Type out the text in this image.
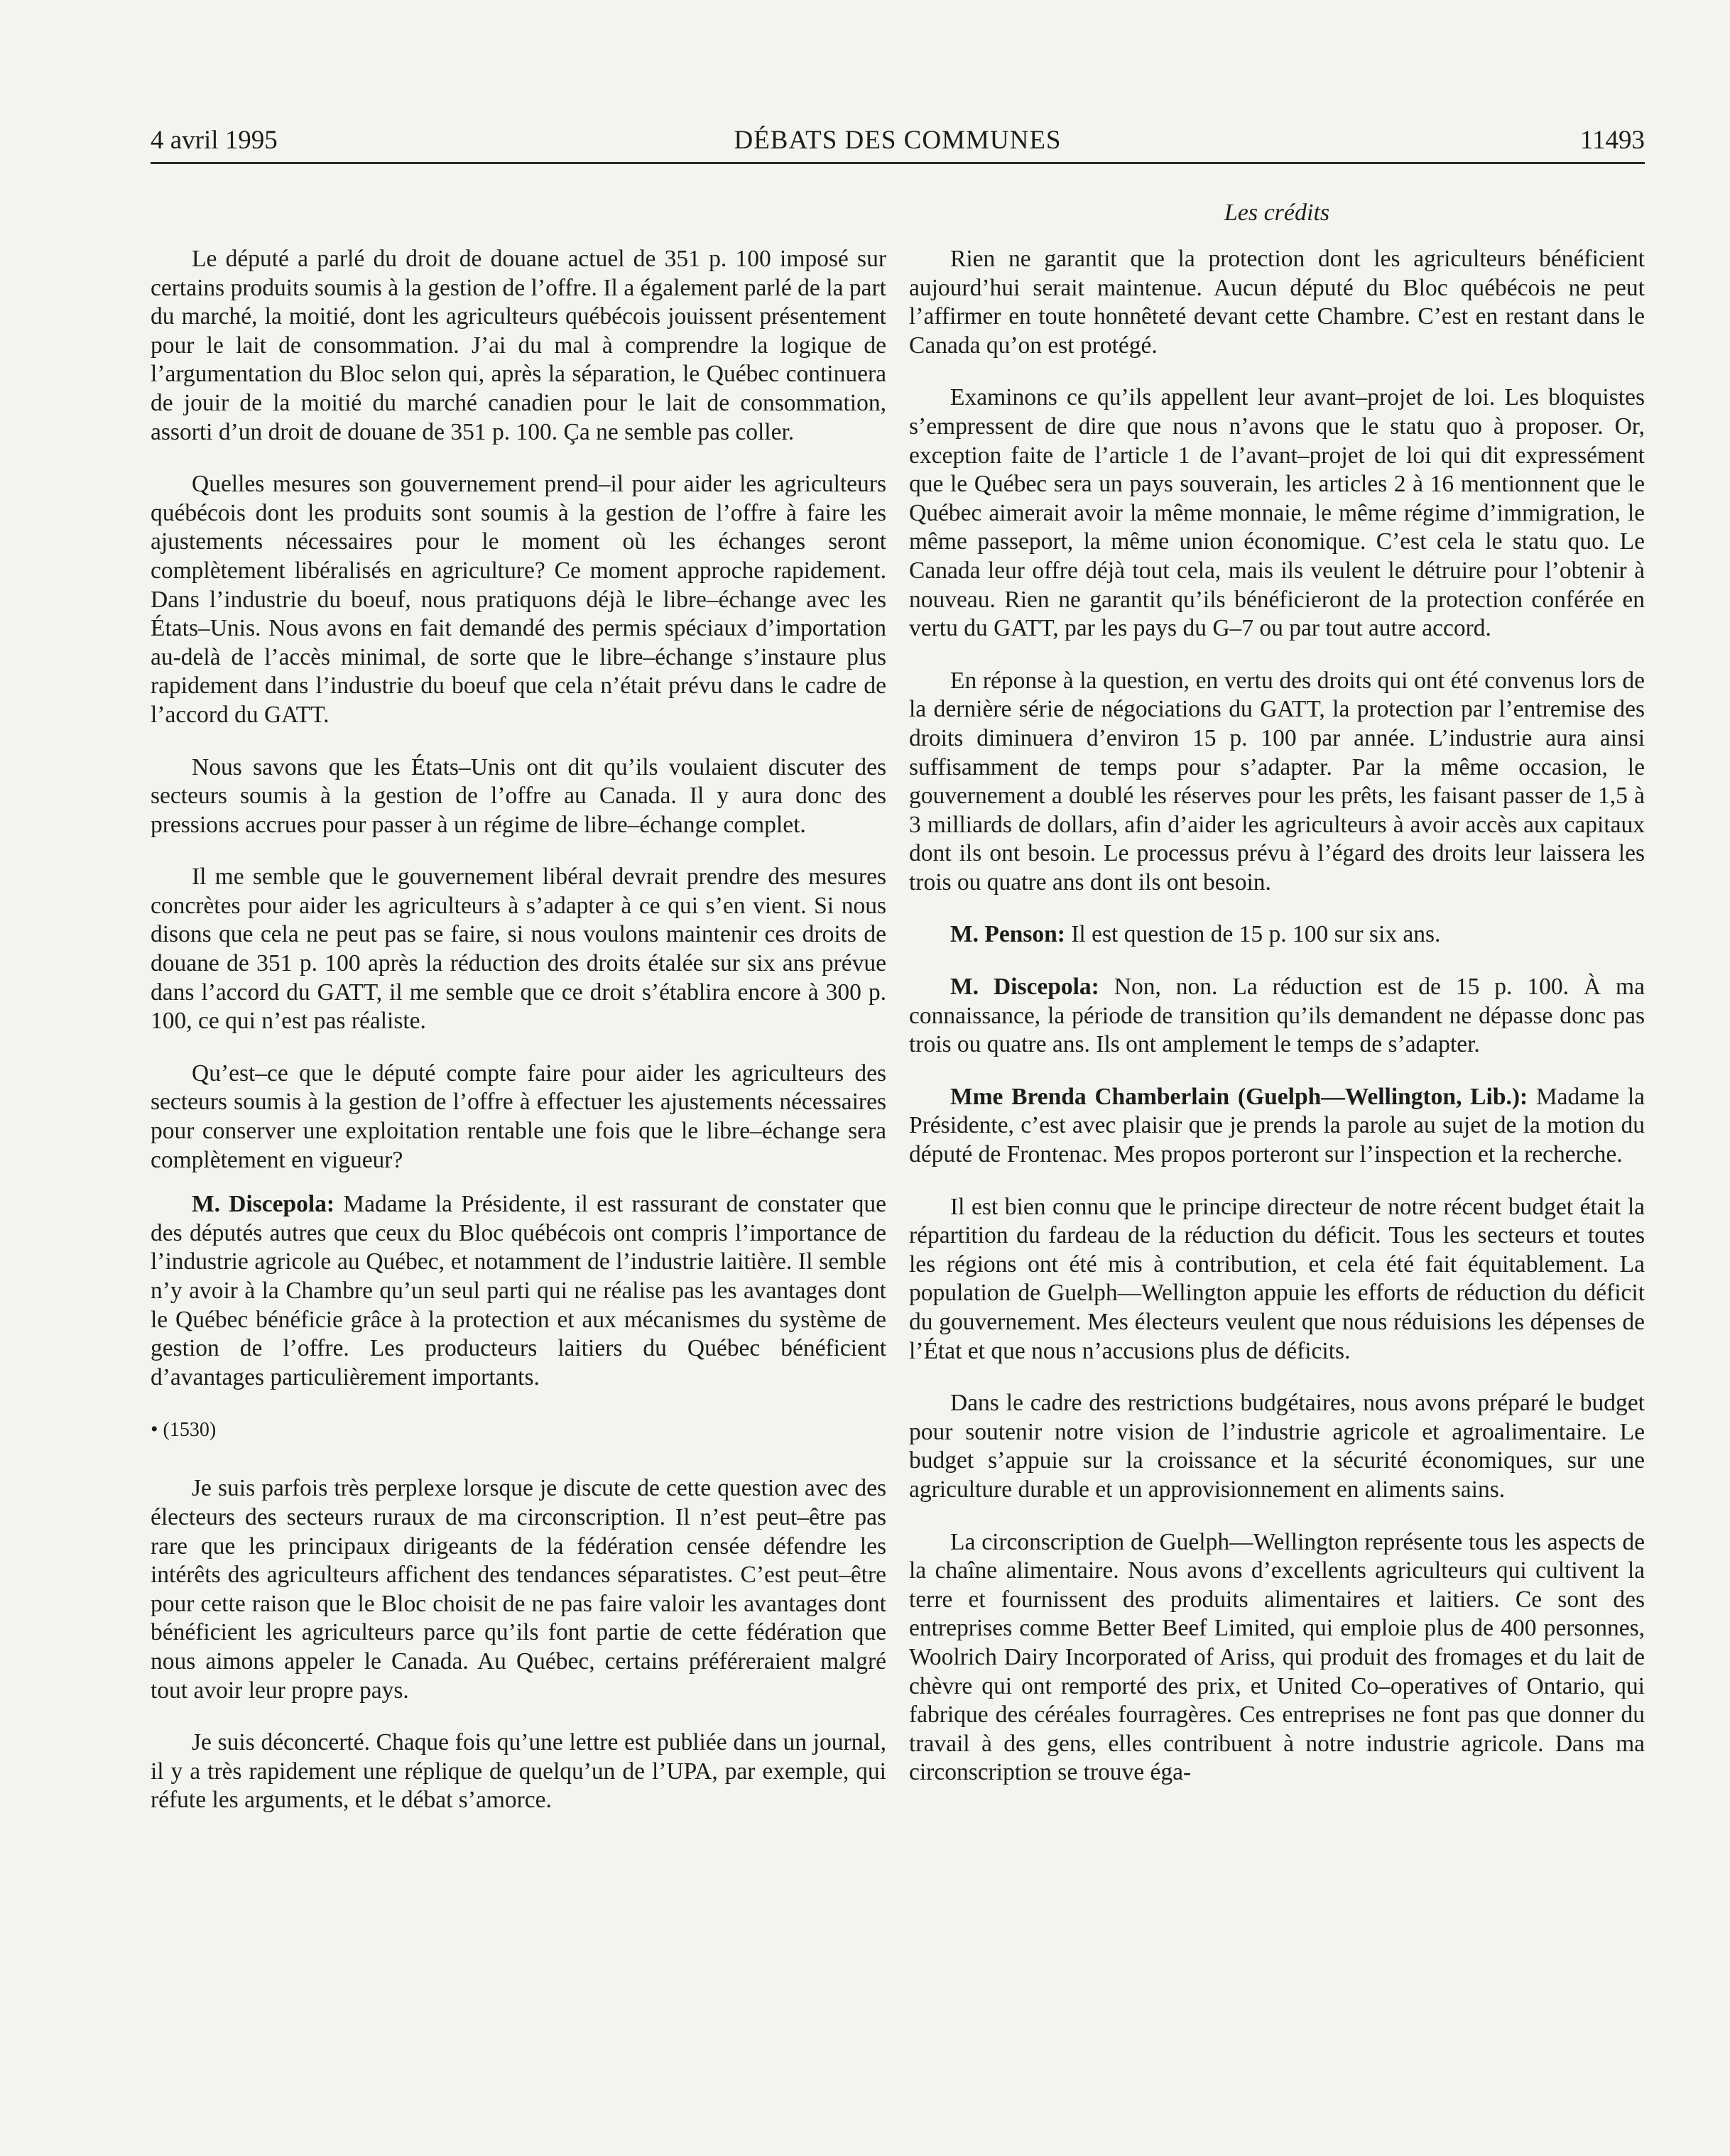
DÉBATS DES COMMUNES
4 avril 1995	11493
Les crédits

Le député a parlé du droit de douane actuel de 351 p. 100 imposé sur certains produits soumis à la gestion de l’offre. Il a également parlé de la part du marché, la moitié, dont les agriculteurs québécois jouissent présentement pour le lait de consommation. J’ai du mal à comprendre la logique de l’argumentation du Bloc selon qui, après la séparation, le Québec continuera de jouir de la moitié du marché canadien pour le lait de consommation, assorti d’un droit de douane de 351 p. 100. Ça ne semble pas coller.

Quelles mesures son gouvernement prend–il pour aider les agriculteurs québécois dont les produits sont soumis à la gestion de l’offre à faire les ajustements nécessaires pour le moment où les échanges seront complètement libéralisés en agriculture? Ce moment approche rapidement. Dans l’industrie du boeuf, nous pratiquons déjà le libre–échange avec les États–Unis. Nous avons en fait demandé des permis spéciaux d’importation au-delà de l’accès minimal, de sorte que le libre–échange s’instaure plus rapidement dans l’industrie du boeuf que cela n’était prévu dans le cadre de l’accord du GATT.

Nous savons que les États–Unis ont dit qu’ils voulaient discuter des secteurs soumis à la gestion de l’offre au Canada. Il y aura donc des pressions accrues pour passer à un régime de libre–échange complet.

Il me semble que le gouvernement libéral devrait prendre des mesures concrètes pour aider les agriculteurs à s’adapter à ce qui s’en vient. Si nous disons que cela ne peut pas se faire, si nous voulons maintenir ces droits de douane de 351 p. 100 après la réduction des droits étalée sur six ans prévue dans l’accord du GATT, il me semble que ce droit s’établira encore à 300 p. 100, ce qui n’est pas réaliste.

Qu’est–ce que le député compte faire pour aider les agriculteurs des secteurs soumis à la gestion de l’offre à effectuer les ajustements nécessaires pour conserver une exploitation rentable une fois que le libre–échange sera complètement en vigueur?

M. Discepola: Madame la Présidente, il est rassurant de constater que des députés autres que ceux du Bloc québécois ont compris l’importance de l’industrie agricole au Québec, et notamment de l’industrie laitière. Il semble n’y avoir à la Chambre qu’un seul parti qui ne réalise pas les avantages dont le Québec bénéficie grâce à la protection et aux mécanismes du système de gestion de l’offre. Les producteurs laitiers du Québec bénéficient d’avantages particulièrement importants.

• (1530)

Je suis parfois très perplexe lorsque je discute de cette question avec des électeurs des secteurs ruraux de ma circonscription. Il n’est peut–être pas rare que les principaux dirigeants de la fédération censée défendre les intérêts des agriculteurs affichent des tendances séparatistes. C’est peut–être pour cette raison que le Bloc choisit de ne pas faire valoir les avantages dont bénéficient les agriculteurs parce qu’ils font partie de cette fédération que nous aimons appeler le Canada. Au Québec, certains préféreraient malgré tout avoir leur propre pays.

Je suis déconcerté. Chaque fois qu’une lettre est publiée dans un journal, il y a très rapidement une réplique de quelqu’un de l’UPA, par exemple, qui réfute les arguments, et le débat s’amorce.

Rien ne garantit que la protection dont les agriculteurs bénéficient aujourd’hui serait maintenue. Aucun député du Bloc québécois ne peut l’affirmer en toute honnêteté devant cette Chambre. C’est en restant dans le Canada qu’on est protégé.

Examinons ce qu’ils appellent leur avant–projet de loi. Les bloquistes s’empressent de dire que nous n’avons que le statu quo à proposer. Or, exception faite de l’article 1 de l’avant–projet de loi qui dit expressément que le Québec sera un pays souverain, les articles 2 à 16 mentionnent que le Québec aimerait avoir la même monnaie, le même régime d’immigration, le même passeport, la même union économique. C’est cela le statu quo. Le Canada leur offre déjà tout cela, mais ils veulent le détruire pour l’obtenir à nouveau. Rien ne garantit qu’ils bénéficieront de la protection conférée en vertu du GATT, par les pays du G–7 ou par tout autre accord.

En réponse à la question, en vertu des droits qui ont été convenus lors de la dernière série de négociations du GATT, la protection par l’entremise des droits diminuera d’environ 15 p. 100 par année. L’industrie aura ainsi suffisamment de temps pour s’adapter. Par la même occasion, le gouvernement a doublé les réserves pour les prêts, les faisant passer de 1,5 à 3 milliards de dollars, afin d’aider les agriculteurs à avoir accès aux capitaux dont ils ont besoin. Le processus prévu à l’égard des droits leur laissera les trois ou quatre ans dont ils ont besoin.

M. Penson: Il est question de 15 p. 100 sur six ans.

M. Discepola: Non, non. La réduction est de 15 p. 100. À ma connaissance, la période de transition qu’ils demandent ne dépasse donc pas trois ou quatre ans. Ils ont amplement le temps de s’adapter.

Mme Brenda Chamberlain (Guelph—Wellington, Lib.): Madame la Présidente, c’est avec plaisir que je prends la parole au sujet de la motion du député de Frontenac. Mes propos porteront sur l’inspection et la recherche.

Il est bien connu que le principe directeur de notre récent budget était la répartition du fardeau de la réduction du déficit. Tous les secteurs et toutes les régions ont été mis à contribution, et cela été fait équitablement. La population de Guelph—Wellington appuie les efforts de réduction du déficit du gouvernement. Mes électeurs veulent que nous réduisions les dépenses de l’État et que nous n’accusions plus de déficits.

Dans le cadre des restrictions budgétaires, nous avons préparé le budget pour soutenir notre vision de l’industrie agricole et agroalimentaire. Le budget s’appuie sur la croissance et la sécurité économiques, sur une agriculture durable et un approvisionnement en aliments sains.

La circonscription de Guelph—Wellington représente tous les aspects de la chaîne alimentaire. Nous avons d’excellents agriculteurs qui cultivent la terre et fournissent des produits alimentaires et laitiers. Ce sont des entreprises comme Better Beef Limited, qui emploie plus de 400 personnes, Woolrich Dairy Incorporated of Ariss, qui produit des fromages et du lait de chèvre qui ont remporté des prix, et United Co–operatives of Ontario, qui fabrique des céréales fourragères. Ces entreprises ne font pas que donner du travail à des gens, elles contribuent à notre industrie agricole. Dans ma circonscription se trouve éga-
